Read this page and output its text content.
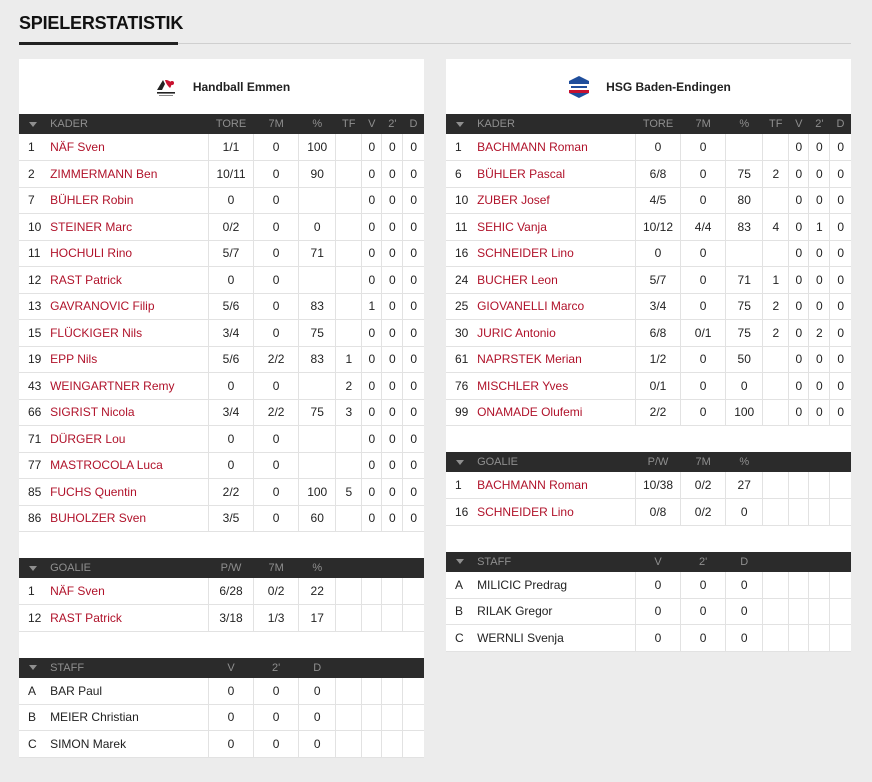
SPIELERSTATISTIK
Handball Emmen
	KADER	TORE	7M	%	TF	V	2'	D
1	NÄF Sven	1/1	0	100		0	0	0
2	ZIMMERMANN Ben	10/11	0	90		0	0	0
7	BÜHLER Robin	0	0			0	0	0
10	STEINER Marc	0/2	0	0		0	0	0
11	HOCHULI Rino	5/7	0	71		0	0	0
12	RAST Patrick	0	0			0	0	0
13	GAVRANOVIC Filip	5/6	0	83		1	0	0
15	FLÜCKIGER Nils	3/4	0	75		0	0	0
19	EPP Nils	5/6	2/2	83	1	0	0	0
43	WEINGARTNER Remy	0	0		2	0	0	0
66	SIGRIST Nicola	3/4	2/2	75	3	0	0	0
71	DÜRGER Lou	0	0			0	0	0
77	MASTROCOLA Luca	0	0			0	0	0
85	FUCHS Quentin	2/2	0	100	5	0	0	0
86	BUHOLZER Sven	3/5	0	60		0	0	0
	GOALIE	P/W	7M	%				
1	NÄF Sven	6/28	0/2	22				
12	RAST Patrick	3/18	1/3	17				
	STAFF	V	2'	D				
A	BAR Paul	0	0	0				
B	MEIER Christian	0	0	0				
C	SIMON Marek	0	0	0				
HSG Baden-Endingen
	KADER	TORE	7M	%	TF	V	2'	D
1	BACHMANN Roman	0	0			0	0	0
6	BÜHLER Pascal	6/8	0	75	2	0	0	0
10	ZUBER Josef	4/5	0	80		0	0	0
11	SEHIC Vanja	10/12	4/4	83	4	0	1	0
16	SCHNEIDER Lino	0	0			0	0	0
24	BUCHER Leon	5/7	0	71	1	0	0	0
25	GIOVANELLI Marco	3/4	0	75	2	0	0	0
30	JURIC Antonio	6/8	0/1	75	2	0	2	0
61	NAPRSTEK Merian	1/2	0	50		0	0	0
76	MISCHLER Yves	0/1	0	0		0	0	0
99	ONAMADE Olufemi	2/2	0	100		0	0	0
	GOALIE	P/W	7M	%				
1	BACHMANN Roman	10/38	0/2	27				
16	SCHNEIDER Lino	0/8	0/2	0				
	STAFF	V	2'	D				
A	MILICIC Predrag	0	0	0				
B	RILAK Gregor	0	0	0				
C	WERNLI Svenja	0	0	0				
